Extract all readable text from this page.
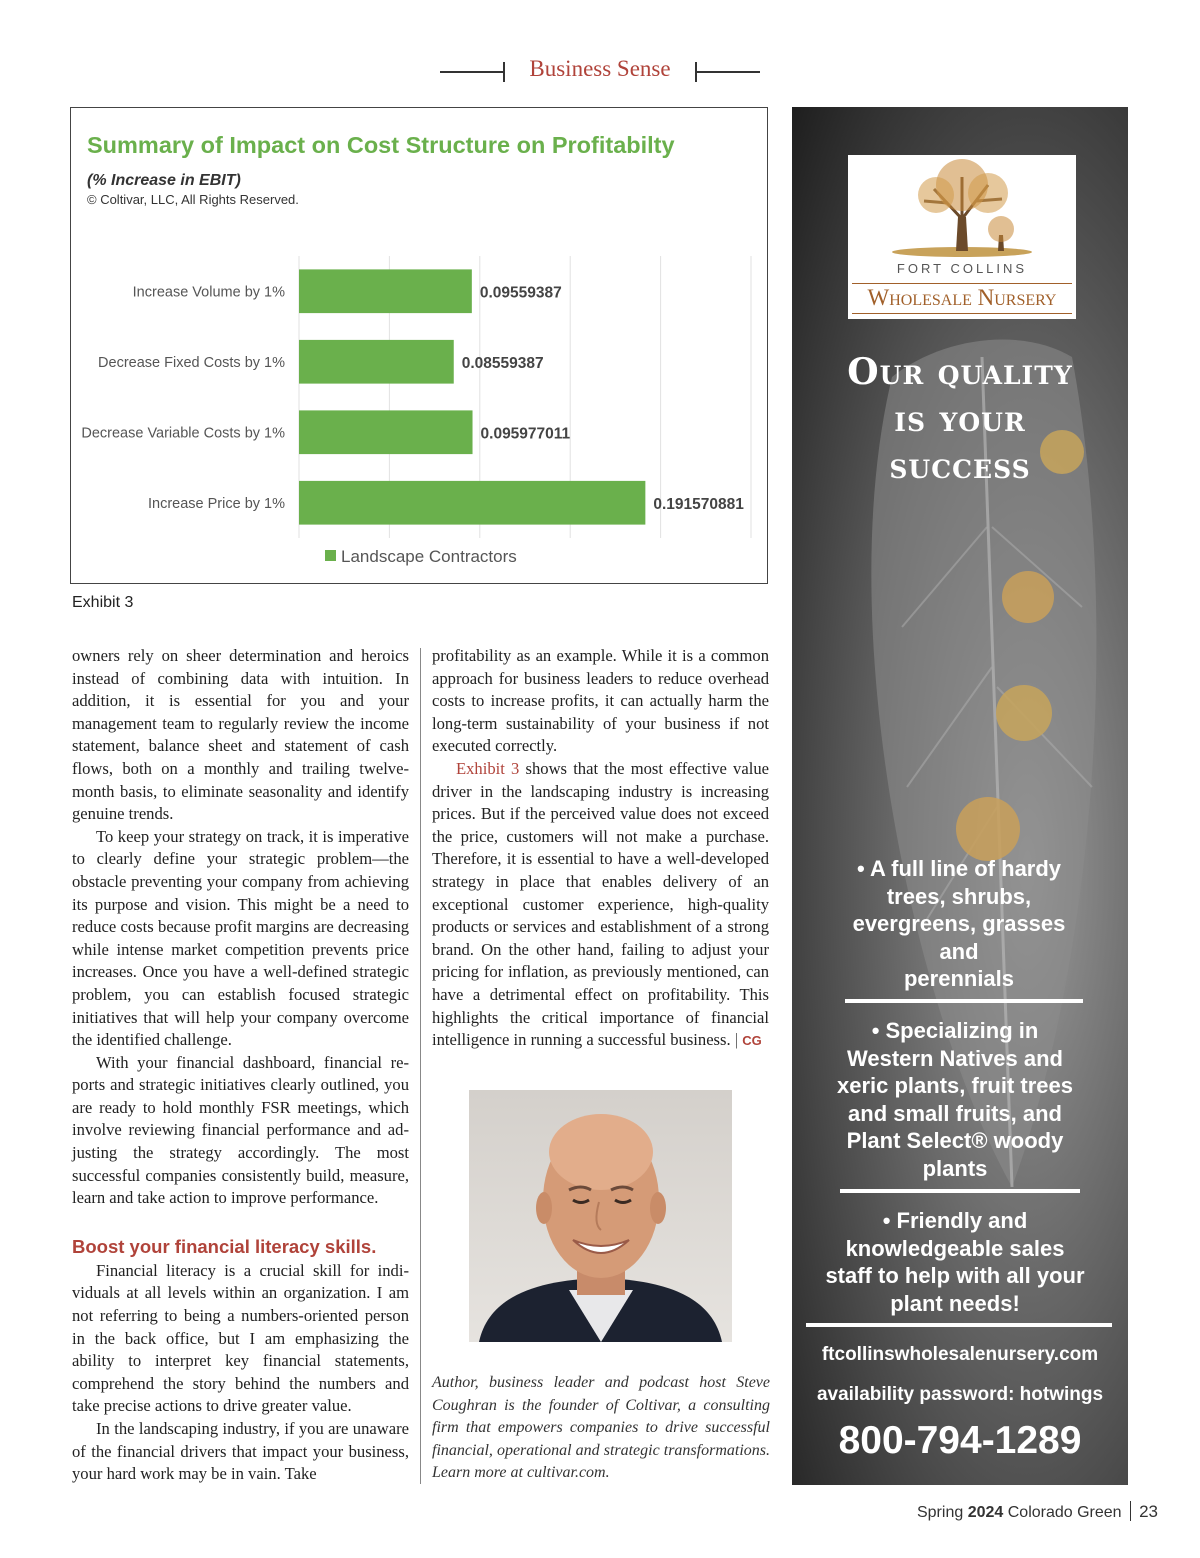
Business Sense
Summary of Impact on Cost Structure on Profitabilty
(% Increase in EBIT)
© Coltivar, LLC, All Rights Reserved.
Increase Volume by 1%	0.09559387
Decrease Fixed Costs by 1%	0.08559387
Decrease Variable Costs by 1%	0.095977011
Increase Price by 1%	0.191570881
Landscape Contractors
Exhibit 3

owners rely on sheer determination and heroics instead of combining data with intuition. In addition, it is essential for you and your management team to regularly review the income statement, balance sheet and statement of cash flows, both on a monthly and trailing twelve-month basis, to eliminate seasonality and identify genuine trends.

To keep your strategy on track, it is imperative to clearly define your strategic problem—the obstacle preventing your company from achieving its purpose and vision. This might be a need to reduce costs because profit margins are decreasing while intense market competition prevents price increases. Once you have a well-defined strategic problem, you can establish focused strategic initiatives that will help your company overcome the identified challenge.

With your financial dashboard, financial reports and strategic initiatives clearly outlined, you are ready to hold monthly FSR meetings, which involve reviewing financial performance and adjusting the strategy accordingly. The most successful companies consistently build, measure, learn and take action to improve performance.

Boost your financial literacy skills.

Financial literacy is a crucial skill for individuals at all levels within an organization. I am not referring to being a numbers-oriented person in the back office, but I am emphasizing the ability to interpret key financial statements, comprehend the story behind the numbers and take precise actions to drive greater value.

In the landscaping industry, if you are unaware of the financial drivers that impact your business, your hard work may be in vain. Take

profitability as an example. While it is a common approach for business leaders to reduce overhead costs to increase profits, it can actually harm the long-term sustainability of your business if not executed correctly.

Exhibit 3 shows that the most effective value driver in the landscaping industry is increasing prices. But if the perceived value does not exceed the price, customers will not make a purchase. Therefore, it is essential to have a well-developed strategy in place that enables delivery of an exceptional customer experience, high-quality products or services and establishment of a strong brand. On the other hand, failing to adjust your pricing for inflation, as previously mentioned, can have a detrimental effect on profitability. This highlights the critical importance of financial intelligence in running a successful business. | CG

Author, business leader and podcast host Steve Coughran is the founder of Coltivar, a consulting firm that empowers companies to drive successful financial, operational and strategic transformations. Learn more at cultivar.com.
FORT COLLINS
Wholesale Nursery
Our quality
is your
success
• A full line of hardy
trees, shrubs,
evergreens, grasses
and
perennials
• Specializing in
Western Natives and
xeric plants, fruit trees
and small fruits, and
Plant Select® woody
plants
• Friendly and
knowledgeable sales
staff to help with all your
plant needs!
ftcollinswholesalenursery.com
availability password: hotwings
800-794-1289
Spring 2024 Colorado Green 23
